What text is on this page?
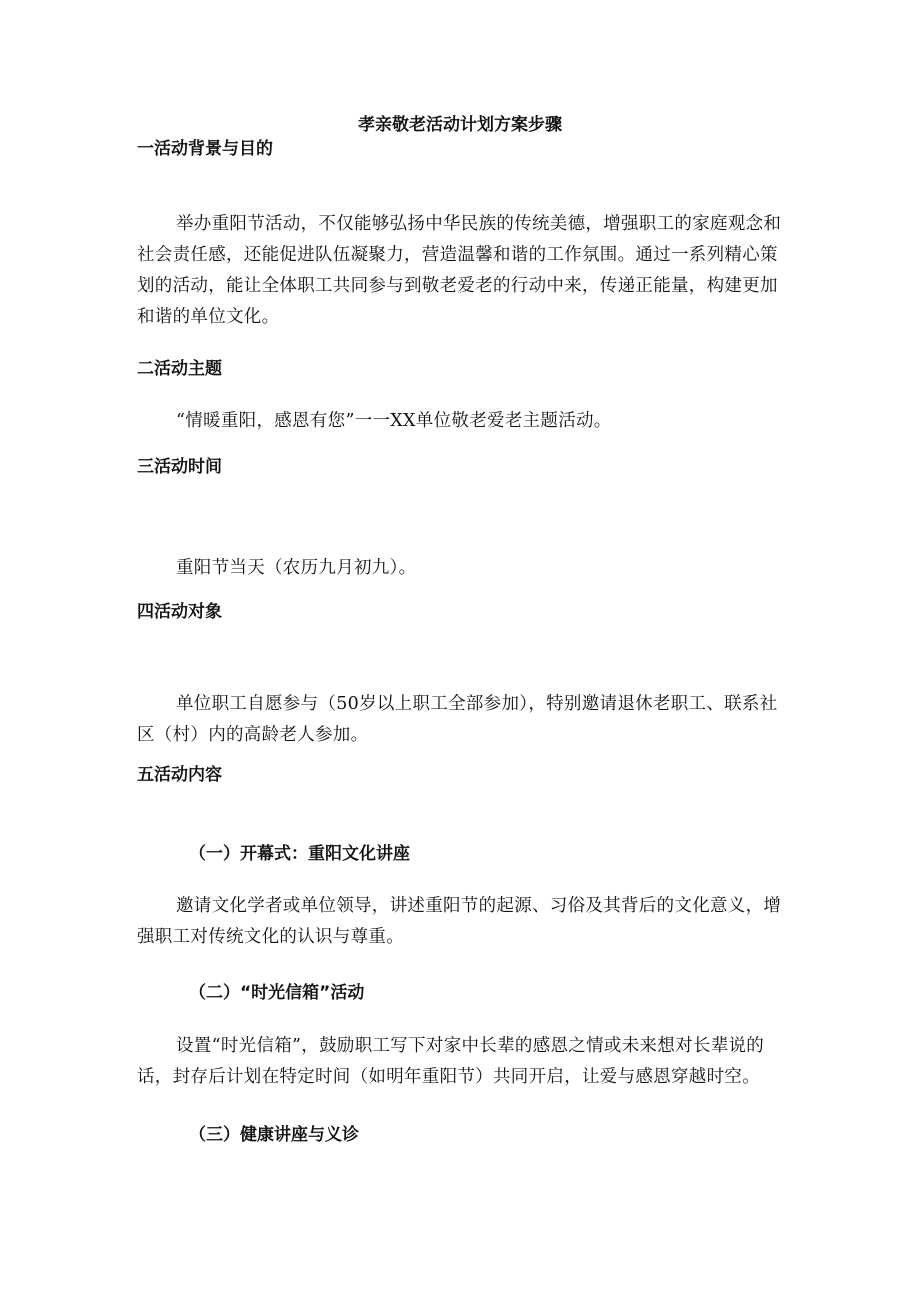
孝亲敬老活动计划方案步骤
一活动背景与目的

举办重阳节活动，不仅能够弘扬中华民族的传统美德，增强职工的家庭观念和社会责任感，还能促进队伍凝聚力，营造温馨和谐的工作氛围。通过一系列精心策划的活动，能让全体职工共同参与到敬老爱老的行动中来，传递正能量，构建更加和谐的单位文化。

二活动主题

“情暖重阳，感恩有您”一一XX单位敬老爱老主题活动。

三活动时间

重阳节当天（农历九月初九）。

四活动对象

单位职工自愿参与（50岁以上职工全部参加），特别邀请退休老职工、联系社区（村）内的高龄老人参加。

五活动内容
（一）开幕式：重阳文化讲座

邀请文化学者或单位领导，讲述重阳节的起源、习俗及其背后的文化意义，增强职工对传统文化的认识与尊重。

（二）“时光信箱”活动

设置“时光信箱”，鼓励职工写下对家中长辈的感恩之情或未来想对长辈说的话，封存后计划在特定时间（如明年重阳节）共同开启，让爱与感恩穿越时空。

（三）健康讲座与义诊
